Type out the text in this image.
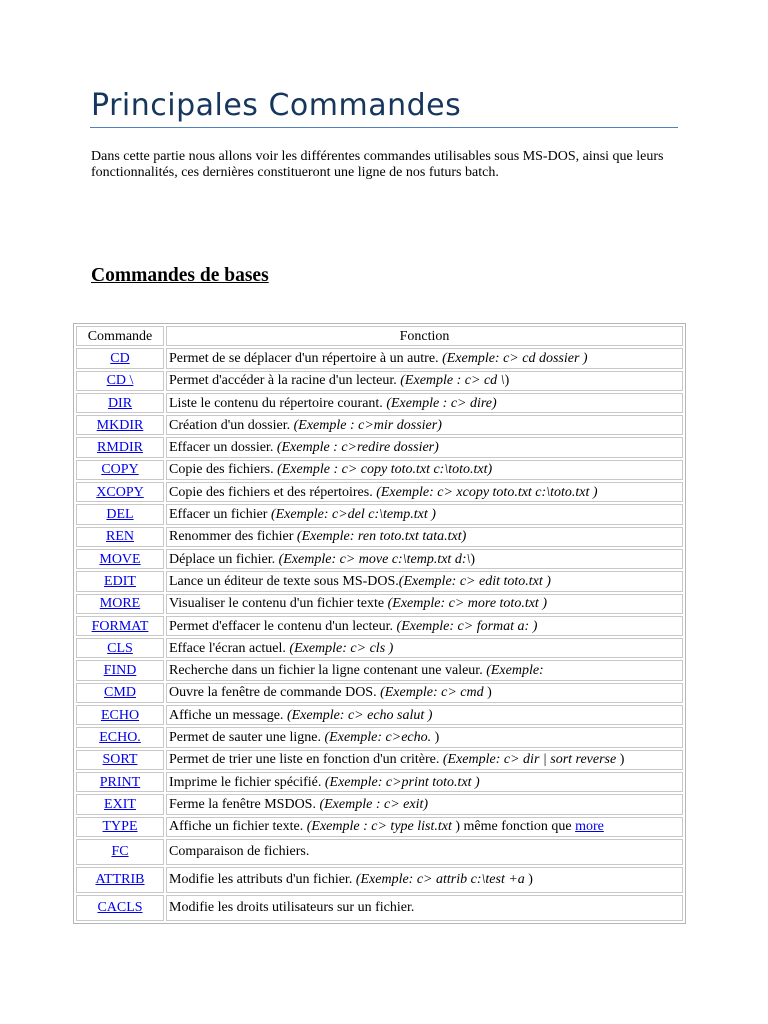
Principales Commandes

Dans cette partie nous allons voir les différentes commandes utilisables sous MS-DOS, ainsi que leurs fonctionnalités, ces dernières constitueront une ligne de nos futurs batch.

Commandes de bases
Commande	Fonction
CD	Permet de se déplacer d'un répertoire à un autre. (Exemple: c> cd dossier )
CD \	Permet d'accéder à la racine d'un lecteur. (Exemple : c> cd \)
DIR	Liste le contenu du répertoire courant. (Exemple : c> dire)
MKDIR	Création d'un dossier. (Exemple : c>mir dossier)
RMDIR	Effacer un dossier. (Exemple : c>redire dossier)
COPY	Copie des fichiers. (Exemple : c> copy toto.txt c:\toto.txt)
XCOPY	Copie des fichiers et des répertoires. (Exemple: c> xcopy toto.txt c:\toto.txt )
DEL	Effacer un fichier (Exemple: c>del c:\temp.txt )
REN	Renommer des fichier (Exemple: ren toto.txt tata.txt)
MOVE	Déplace un fichier. (Exemple: c> move c:\temp.txt d:\)
EDIT	Lance un éditeur de texte sous MS-DOS.(Exemple: c> edit toto.txt )
MORE	Visualiser le contenu d'un fichier texte (Exemple: c> more toto.txt )
FORMAT	Permet d'effacer le contenu d'un lecteur. (Exemple: c> format a: )
CLS	Efface l'écran actuel. (Exemple: c> cls )
FIND	Recherche dans un fichier la ligne contenant une valeur. (Exemple:
CMD	Ouvre la fenêtre de commande DOS. (Exemple: c> cmd )
ECHO	Affiche un message. (Exemple: c> echo salut )
ECHO.	Permet de sauter une ligne. (Exemple: c>echo. )
SORT	Permet de trier une liste en fonction d'un critère. (Exemple: c> dir | sort reverse )
PRINT	Imprime le fichier spécifié. (Exemple: c>print toto.txt )
EXIT	Ferme la fenêtre MSDOS. (Exemple : c> exit)
TYPE	Affiche un fichier texte. (Exemple : c> type list.txt ) même fonction que more
FC	Comparaison de fichiers.
ATTRIB	Modifie les attributs d'un fichier. (Exemple: c> attrib c:\test +a )
CACLS	Modifie les droits utilisateurs sur un fichier.
